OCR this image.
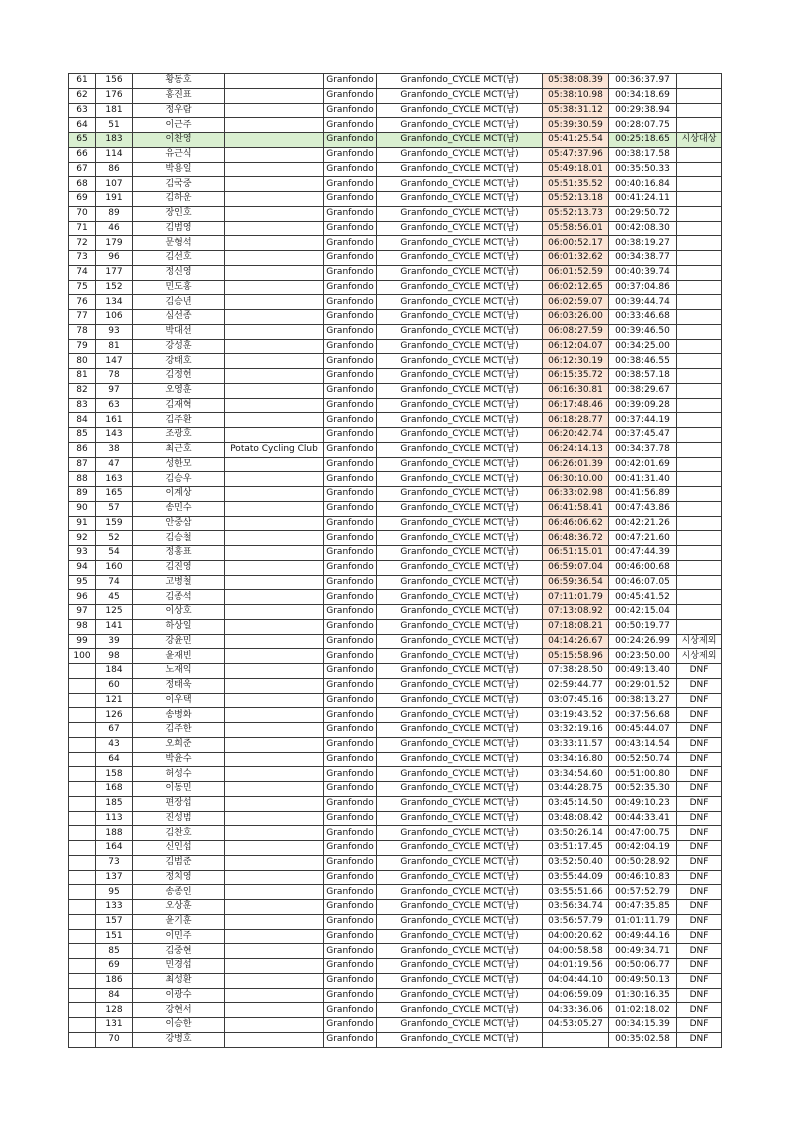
61	156	황동호		Granfondo	Granfondo_CYCLE MCT(남)	05:38:08.39	00:36:37.97	
62	176	홍진표		Granfondo	Granfondo_CYCLE MCT(남)	05:38:10.98	00:34:18.69	
63	181	정우람		Granfondo	Granfondo_CYCLE MCT(남)	05:38:31.12	00:29:38.94	
64	51	이근주		Granfondo	Granfondo_CYCLE MCT(남)	05:39:30.59	00:28:07.75	
65	183	이찬영		Granfondo	Granfondo_CYCLE MCT(남)	05:41:25.54	00:25:18.65	시상대상
66	114	유근식		Granfondo	Granfondo_CYCLE MCT(남)	05:47:37.96	00:38:17.58	
67	86	박용일		Granfondo	Granfondo_CYCLE MCT(남)	05:49:18.01	00:35:50.33	
68	107	김국중		Granfondo	Granfondo_CYCLE MCT(남)	05:51:35.52	00:40:16.84	
69	191	김하운		Granfondo	Granfondo_CYCLE MCT(남)	05:52:13.18	00:41:24.11	
70	89	장인호		Granfondo	Granfondo_CYCLE MCT(남)	05:52:13.73	00:29:50.72	
71	46	김범영		Granfondo	Granfondo_CYCLE MCT(남)	05:58:56.01	00:42:08.30	
72	179	문형석		Granfondo	Granfondo_CYCLE MCT(남)	06:00:52.17	00:38:19.27	
73	96	김선호		Granfondo	Granfondo_CYCLE MCT(남)	06:01:32.62	00:34:38.77	
74	177	정신영		Granfondo	Granfondo_CYCLE MCT(남)	06:01:52.59	00:40:39.74	
75	152	민도홍		Granfondo	Granfondo_CYCLE MCT(남)	06:02:12.65	00:37:04.86	
76	134	김승년		Granfondo	Granfondo_CYCLE MCT(남)	06:02:59.07	00:39:44.74	
77	106	심선종		Granfondo	Granfondo_CYCLE MCT(남)	06:03:26.00	00:33:46.68	
78	93	박대선		Granfondo	Granfondo_CYCLE MCT(남)	06:08:27.59	00:39:46.50	
79	81	강성훈		Granfondo	Granfondo_CYCLE MCT(남)	06:12:04.07	00:34:25.00	
80	147	강태호		Granfondo	Granfondo_CYCLE MCT(남)	06:12:30.19	00:38:46.55	
81	78	김정헌		Granfondo	Granfondo_CYCLE MCT(남)	06:15:35.72	00:38:57.18	
82	97	오영훈		Granfondo	Granfondo_CYCLE MCT(남)	06:16:30.81	00:38:29.67	
83	63	김재혁		Granfondo	Granfondo_CYCLE MCT(남)	06:17:48.46	00:39:09.28	
84	161	김주환		Granfondo	Granfondo_CYCLE MCT(남)	06:18:28.77	00:37:44.19	
85	143	조광호		Granfondo	Granfondo_CYCLE MCT(남)	06:20:42.74	00:37:45.47	
86	38	최근호	Potato Cycling Club	Granfondo	Granfondo_CYCLE MCT(남)	06:24:14.13	00:34:37.78	
87	47	성한모		Granfondo	Granfondo_CYCLE MCT(남)	06:26:01.39	00:42:01.69	
88	163	김승우		Granfondo	Granfondo_CYCLE MCT(남)	06:30:10.00	00:41:31.40	
89	165	이계상		Granfondo	Granfondo_CYCLE MCT(남)	06:33:02.98	00:41:56.89	
90	57	송민수		Granfondo	Granfondo_CYCLE MCT(남)	06:41:58.41	00:47:43.86	
91	159	안중삼		Granfondo	Granfondo_CYCLE MCT(남)	06:46:06.62	00:42:21.26	
92	52	김승철		Granfondo	Granfondo_CYCLE MCT(남)	06:48:36.72	00:47:21.60	
93	54	정홍표		Granfondo	Granfondo_CYCLE MCT(남)	06:51:15.01	00:47:44.39	
94	160	김진영		Granfondo	Granfondo_CYCLE MCT(남)	06:59:07.04	00:46:00.68	
95	74	고병철		Granfondo	Granfondo_CYCLE MCT(남)	06:59:36.54	00:46:07.05	
96	45	김종석		Granfondo	Granfondo_CYCLE MCT(남)	07:11:01.79	00:45:41.52	
97	125	이상호		Granfondo	Granfondo_CYCLE MCT(남)	07:13:08.92	00:42:15.04	
98	141	하상일		Granfondo	Granfondo_CYCLE MCT(남)	07:18:08.21	00:50:19.77	
99	39	강윤민		Granfondo	Granfondo_CYCLE MCT(남)	04:14:26.67	00:24:26.99	시상제외
100	98	윤재빈		Granfondo	Granfondo_CYCLE MCT(남)	05:15:58.96	00:23:50.00	시상제외
	184	노재익		Granfondo	Granfondo_CYCLE MCT(남)	07:38:28.50	00:49:13.40	DNF
	60	정태욱		Granfondo	Granfondo_CYCLE MCT(남)	02:59:44.77	00:29:01.52	DNF
	121	이우택		Granfondo	Granfondo_CYCLE MCT(남)	03:07:45.16	00:38:13.27	DNF
	126	송병화		Granfondo	Granfondo_CYCLE MCT(남)	03:19:43.52	00:37:56.68	DNF
	67	김주한		Granfondo	Granfondo_CYCLE MCT(남)	03:32:19.16	00:45:44.07	DNF
	43	오희준		Granfondo	Granfondo_CYCLE MCT(남)	03:33:11.57	00:43:14.54	DNF
	64	박윤수		Granfondo	Granfondo_CYCLE MCT(남)	03:34:16.80	00:52:50.74	DNF
	158	허성수		Granfondo	Granfondo_CYCLE MCT(남)	03:34:54.60	00:51:00.80	DNF
	168	이동민		Granfondo	Granfondo_CYCLE MCT(남)	03:44:28.75	00:52:35.30	DNF
	185	편장섭		Granfondo	Granfondo_CYCLE MCT(남)	03:45:14.50	00:49:10.23	DNF
	113	진성범		Granfondo	Granfondo_CYCLE MCT(남)	03:48:08.42	00:44:33.41	DNF
	188	김찬호		Granfondo	Granfondo_CYCLE MCT(남)	03:50:26.14	00:47:00.75	DNF
	164	신인섭		Granfondo	Granfondo_CYCLE MCT(남)	03:51:17.45	00:42:04.19	DNF
	73	김범준		Granfondo	Granfondo_CYCLE MCT(남)	03:52:50.40	00:50:28.92	DNF
	137	정치영		Granfondo	Granfondo_CYCLE MCT(남)	03:55:44.09	00:46:10.83	DNF
	95	송종인		Granfondo	Granfondo_CYCLE MCT(남)	03:55:51.66	00:57:52.79	DNF
	133	오상훈		Granfondo	Granfondo_CYCLE MCT(남)	03:56:34.74	00:47:35.85	DNF
	157	윤기훈		Granfondo	Granfondo_CYCLE MCT(남)	03:56:57.79	01:01:11.79	DNF
	151	이민주		Granfondo	Granfondo_CYCLE MCT(남)	04:00:20.62	00:49:44.16	DNF
	85	김중현		Granfondo	Granfondo_CYCLE MCT(남)	04:00:58.58	00:49:34.71	DNF
	69	민경섭		Granfondo	Granfondo_CYCLE MCT(남)	04:01:19.56	00:50:06.77	DNF
	186	최성환		Granfondo	Granfondo_CYCLE MCT(남)	04:04:44.10	00:49:50.13	DNF
	84	이광수		Granfondo	Granfondo_CYCLE MCT(남)	04:06:59.09	01:30:16.35	DNF
	128	강현서		Granfondo	Granfondo_CYCLE MCT(남)	04:33:36.06	01:02:18.02	DNF
	131	이승한		Granfondo	Granfondo_CYCLE MCT(남)	04:53:05.27	00:34:15.39	DNF
	70	강병호		Granfondo	Granfondo_CYCLE MCT(남)		00:35:02.58	DNF
